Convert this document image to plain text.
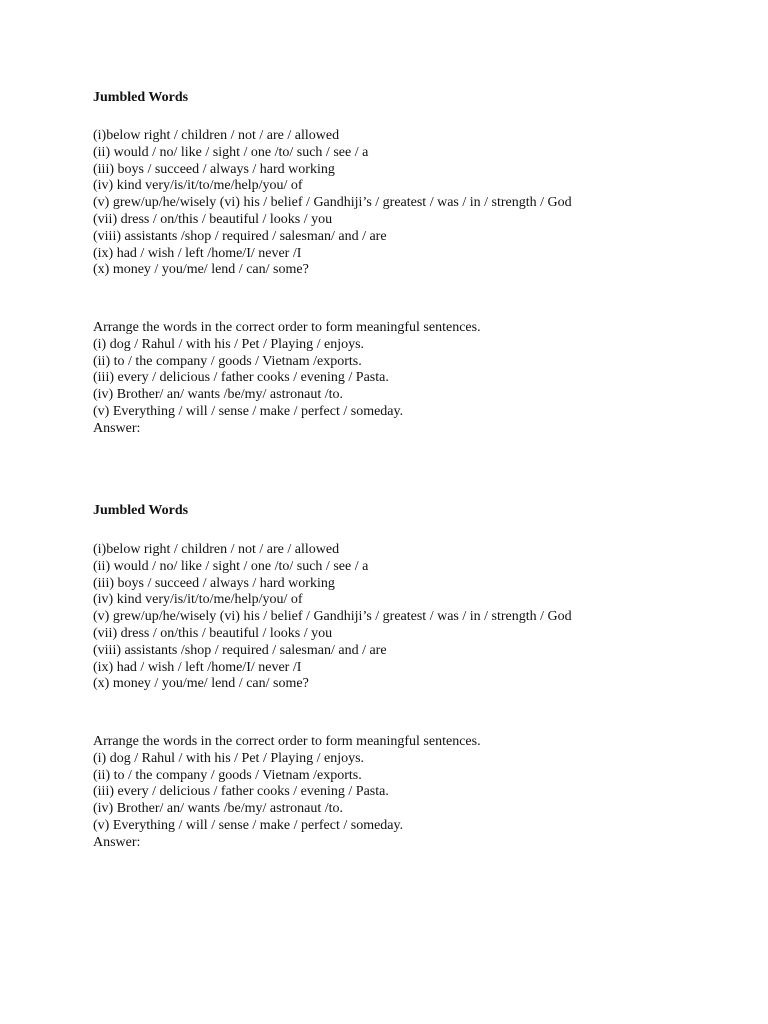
Jumbled Words

(i)below right / children / not / are / allowed
(ii) would / no/ like / sight / one /to/ such / see / a
(iii) boys / succeed / always / hard working
(iv) kind very/is/it/to/me/help/you/ of
(v) grew/up/he/wisely (vi) his / belief / Gandhiji’s / greatest / was / in / strength / God
(vii) dress / on/this / beautiful / looks / you
(viii) assistants /shop / required / salesman/ and / are
(ix) had / wish / left /home/I/ never /I
(x) money / you/me/ lend / can/ some?
Arrange the words in the correct order to form meaningful sentences.
(i) dog / Rahul / with his / Pet / Playing / enjoys.
(ii) to / the company / goods / Vietnam /exports.
(iii) every / delicious / father cooks / evening / Pasta.
(iv) Brother/ an/ wants /be/my/ astronaut /to.
(v) Everything / will / sense / make / perfect / someday.
Answer:

Jumbled Words

(i)below right / children / not / are / allowed
(ii) would / no/ like / sight / one /to/ such / see / a
(iii) boys / succeed / always / hard working
(iv) kind very/is/it/to/me/help/you/ of
(v) grew/up/he/wisely (vi) his / belief / Gandhiji’s / greatest / was / in / strength / God
(vii) dress / on/this / beautiful / looks / you
(viii) assistants /shop / required / salesman/ and / are
(ix) had / wish / left /home/I/ never /I
(x) money / you/me/ lend / can/ some?
Arrange the words in the correct order to form meaningful sentences.
(i) dog / Rahul / with his / Pet / Playing / enjoys.
(ii) to / the company / goods / Vietnam /exports.
(iii) every / delicious / father cooks / evening / Pasta.
(iv) Brother/ an/ wants /be/my/ astronaut /to.
(v) Everything / will / sense / make / perfect / someday.
Answer:
